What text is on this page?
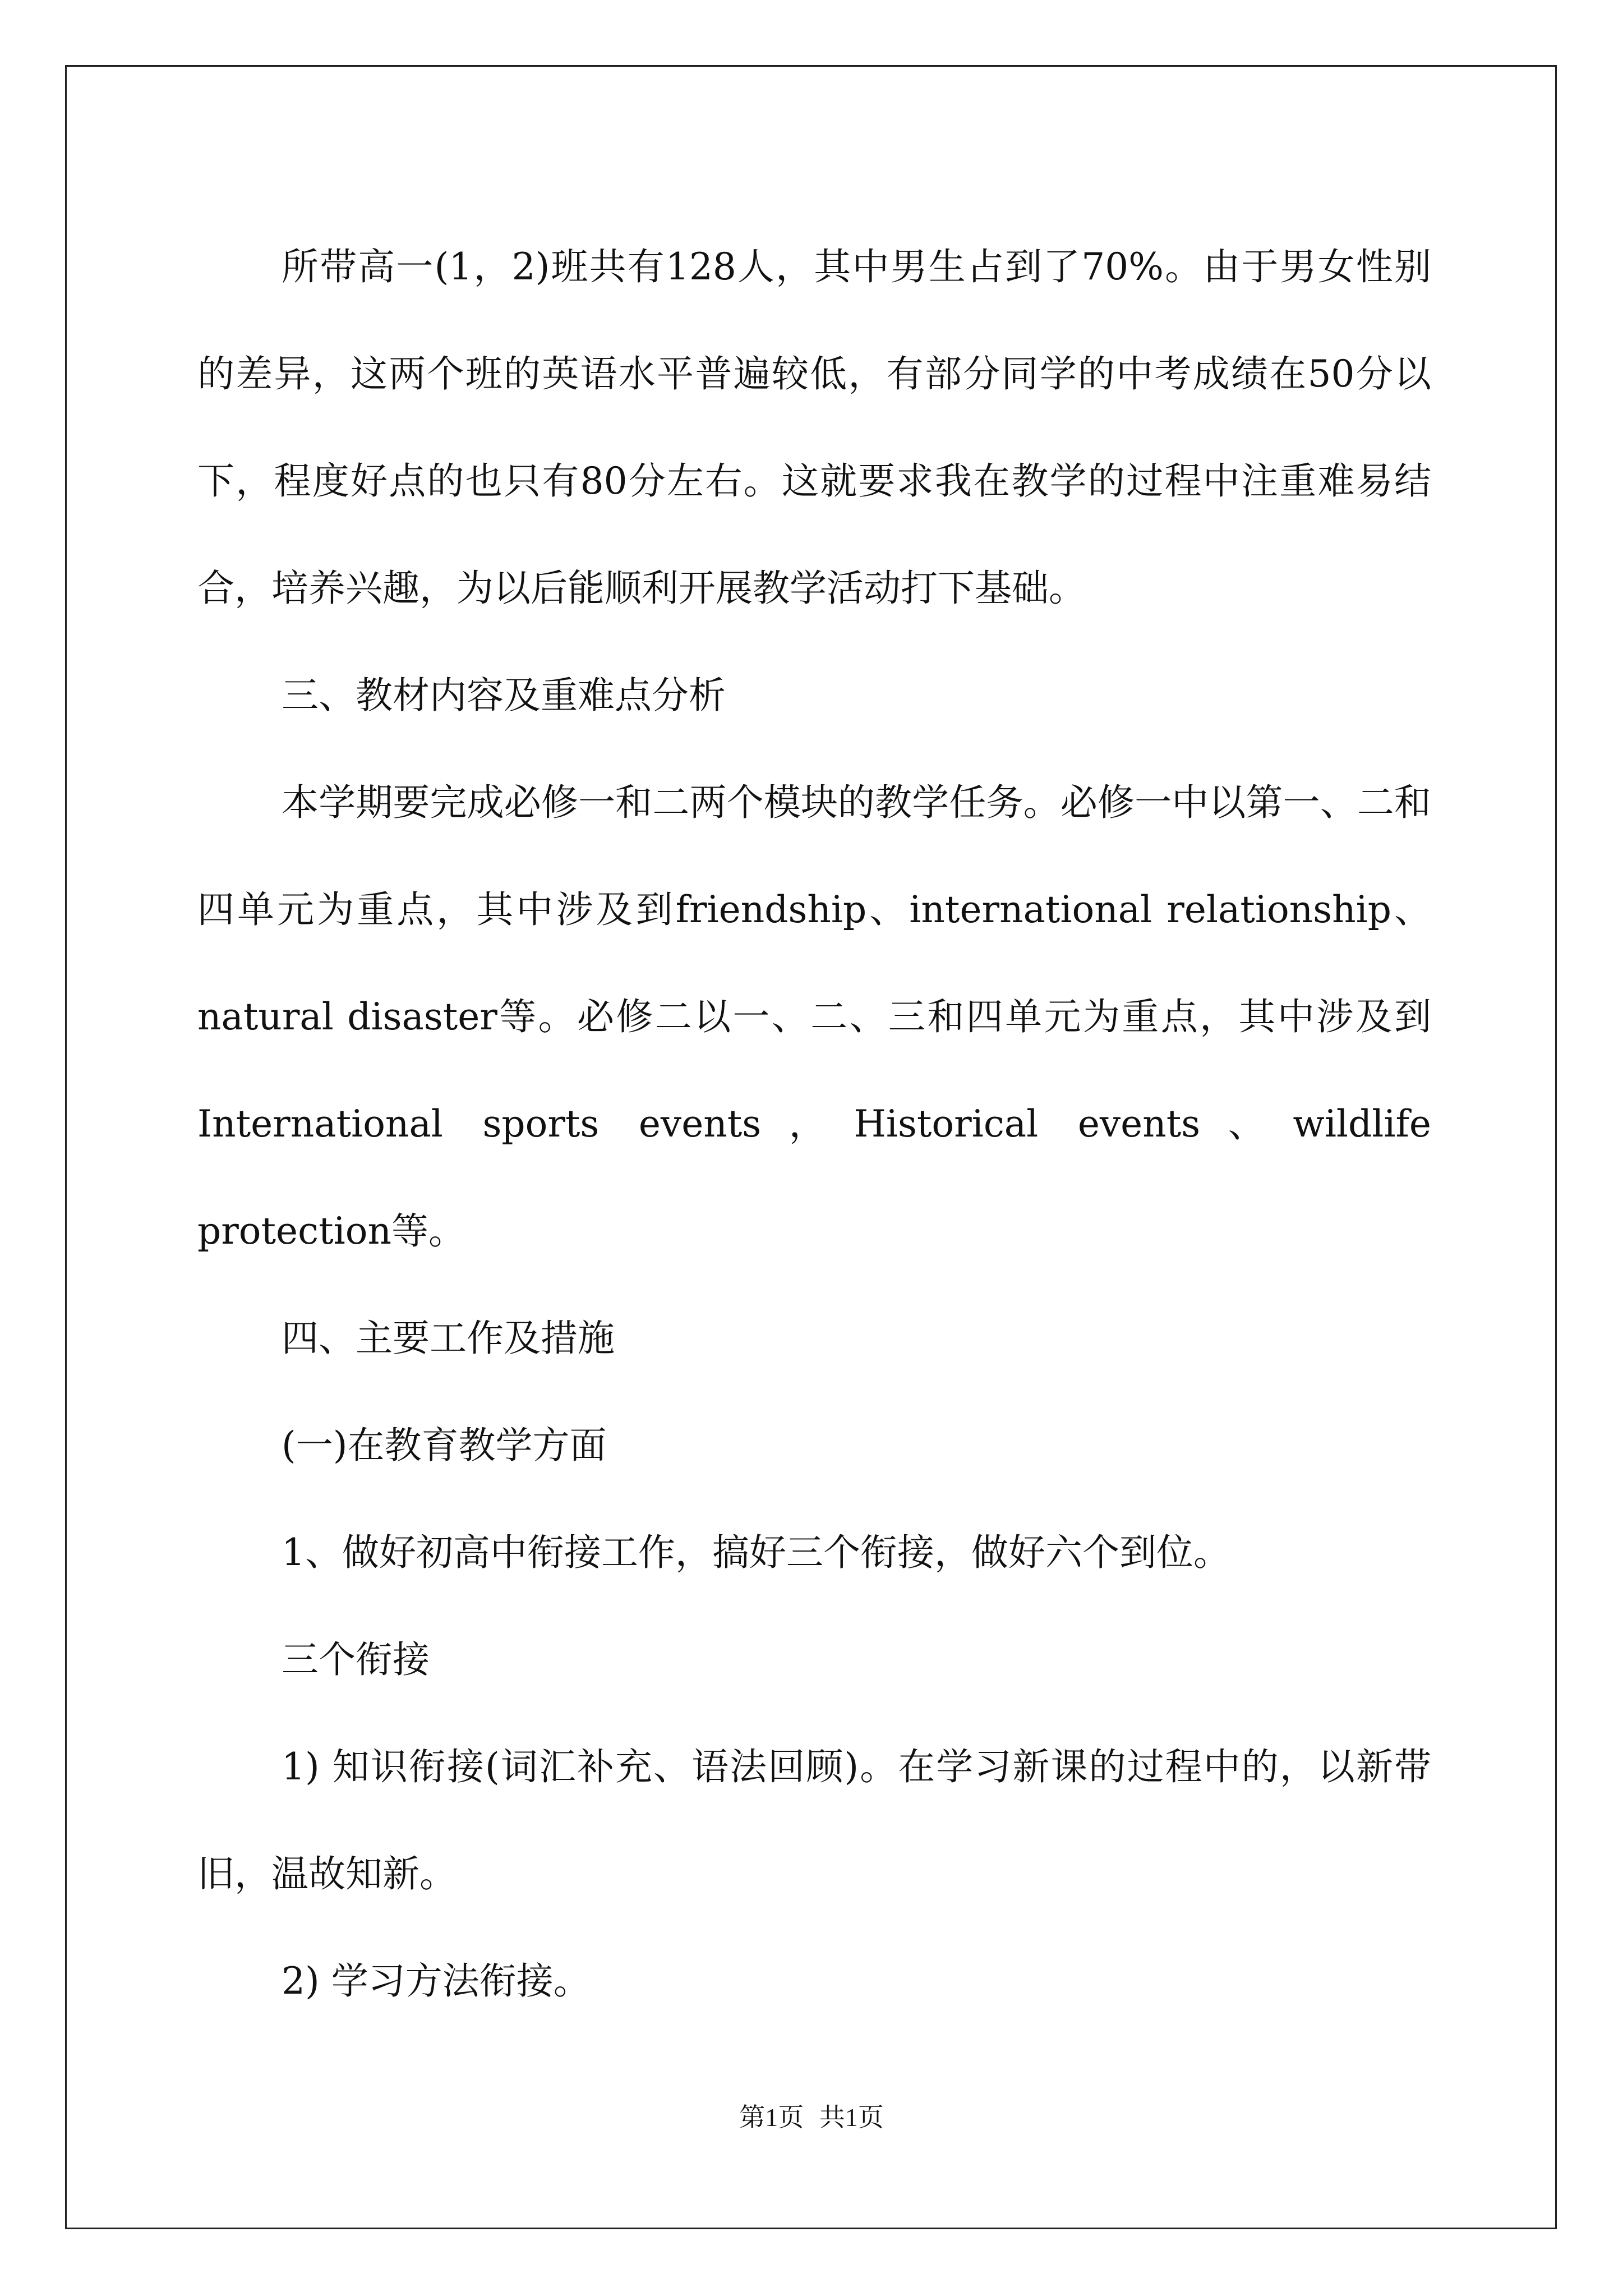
所带高一(1，2)班共有128人，其中男生占到了70%。由于男女性别的差异，这两个班的英语水平普遍较低，有部分同学的中考成绩在50分以下，程度好点的也只有80分左右。这就要求我在教学的过程中注重难易结合，培养兴趣，为以后能顺利开展教学活动打下基础。

三、教材内容及重难点分析

本学期要完成必修一和二两个模块的教学任务。必修一中以第一、二和四单元为重点，其中涉及到friendship、international relationship、natural disaster等。必修二以一、二、三和四单元为重点，其中涉及到International sports events，Historical events、wildlife protection等。

四、主要工作及措施

(一)在教育教学方面

1、做好初高中衔接工作，搞好三个衔接，做好六个到位。

三个衔接

1) 知识衔接(词汇补充、语法回顾)。在学习新课的过程中的，以新带旧，温故知新。

2) 学习方法衔接。

第1页 共1页
